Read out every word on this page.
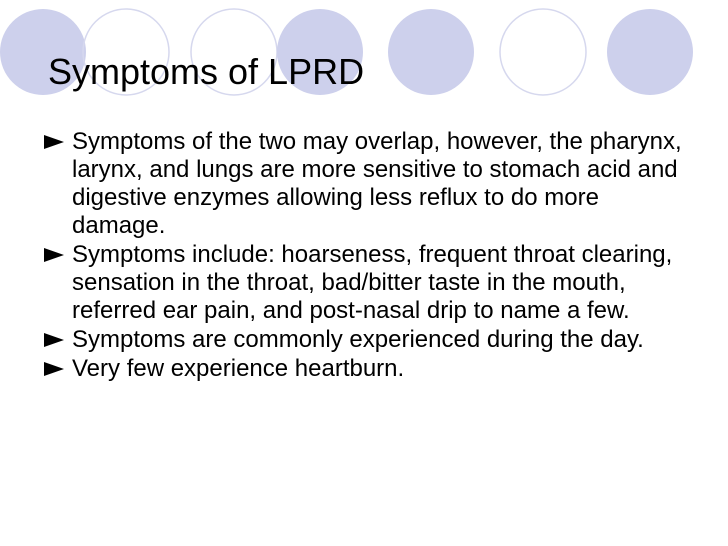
Symptoms of LPRD
Symptoms of the two may overlap, however, the pharynx, larynx, and lungs are more sensitive to stomach acid and digestive enzymes allowing less reflux to do more damage.
Symptoms include: hoarseness, frequent throat clearing, sensation in the throat, bad/bitter taste in the mouth, referred ear pain, and post-nasal drip to name a few.
Symptoms are commonly experienced during the day.
Very few experience heartburn.
